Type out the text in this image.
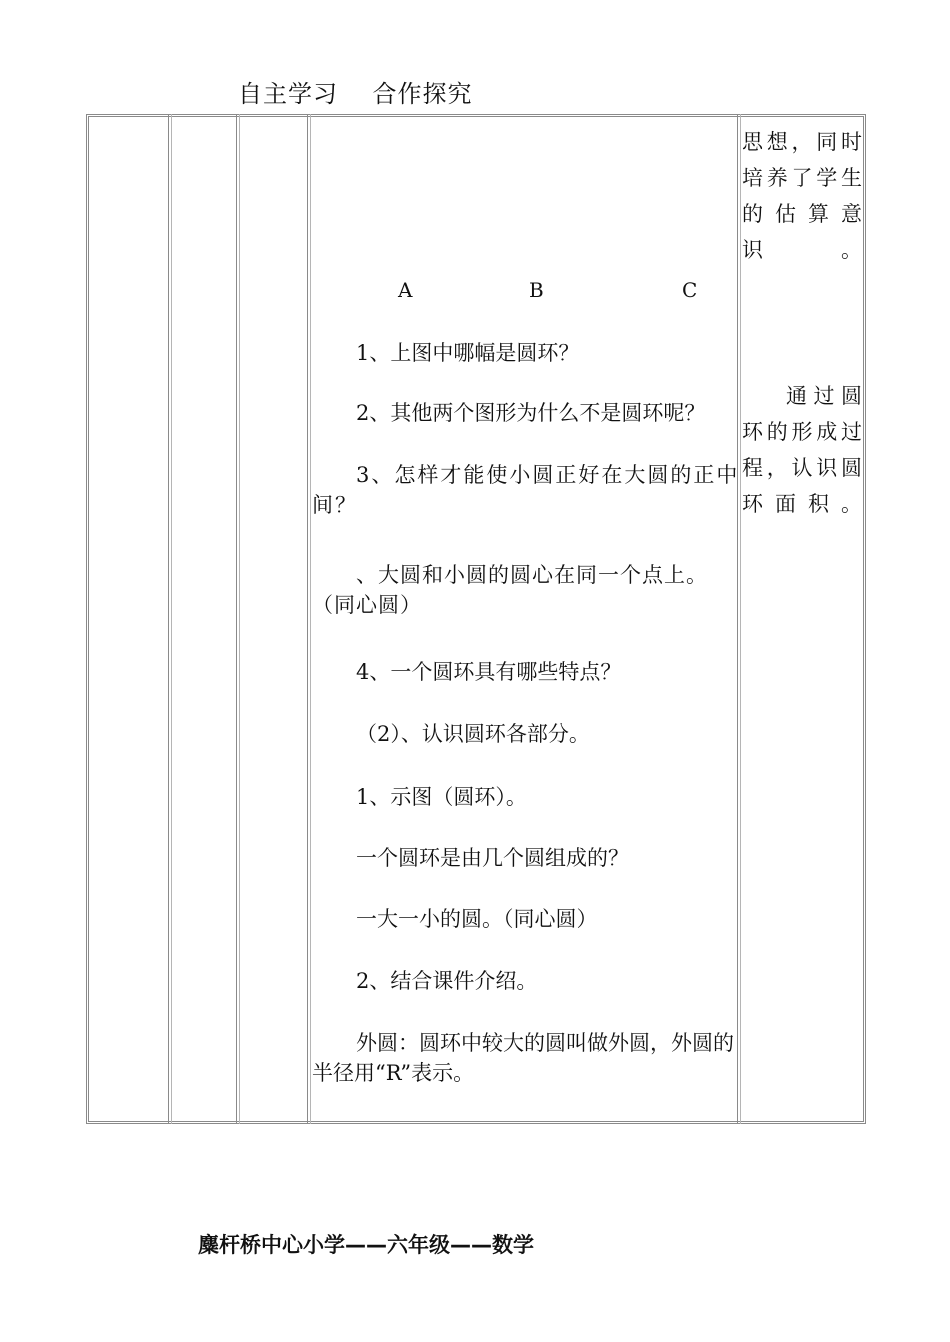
自主学习    合作探究
A	B	C

1、上图中哪幅是圆环？

2、其他两个图形为什么不是圆环呢？

3、怎样才能使小圆正好在大圆的正中间？

、大圆和小圆的圆心在同一个点上。（同心圆）

4、一个圆环具有哪些特点？

（2）、认识圆环各部分。

1、示图（圆环）。

一个圆环是由几个圆组成的？

一大一小的圆。（同心圆）

2、结合课件介绍。

外圆：圆环中较大的圆叫做外圆，外圆的半径用“R”表示。

思想，同时培养了学生的估算意识。

通过圆环的形成过程，认识圆环面积。

麋杆桥中心小学——六年级——数学
